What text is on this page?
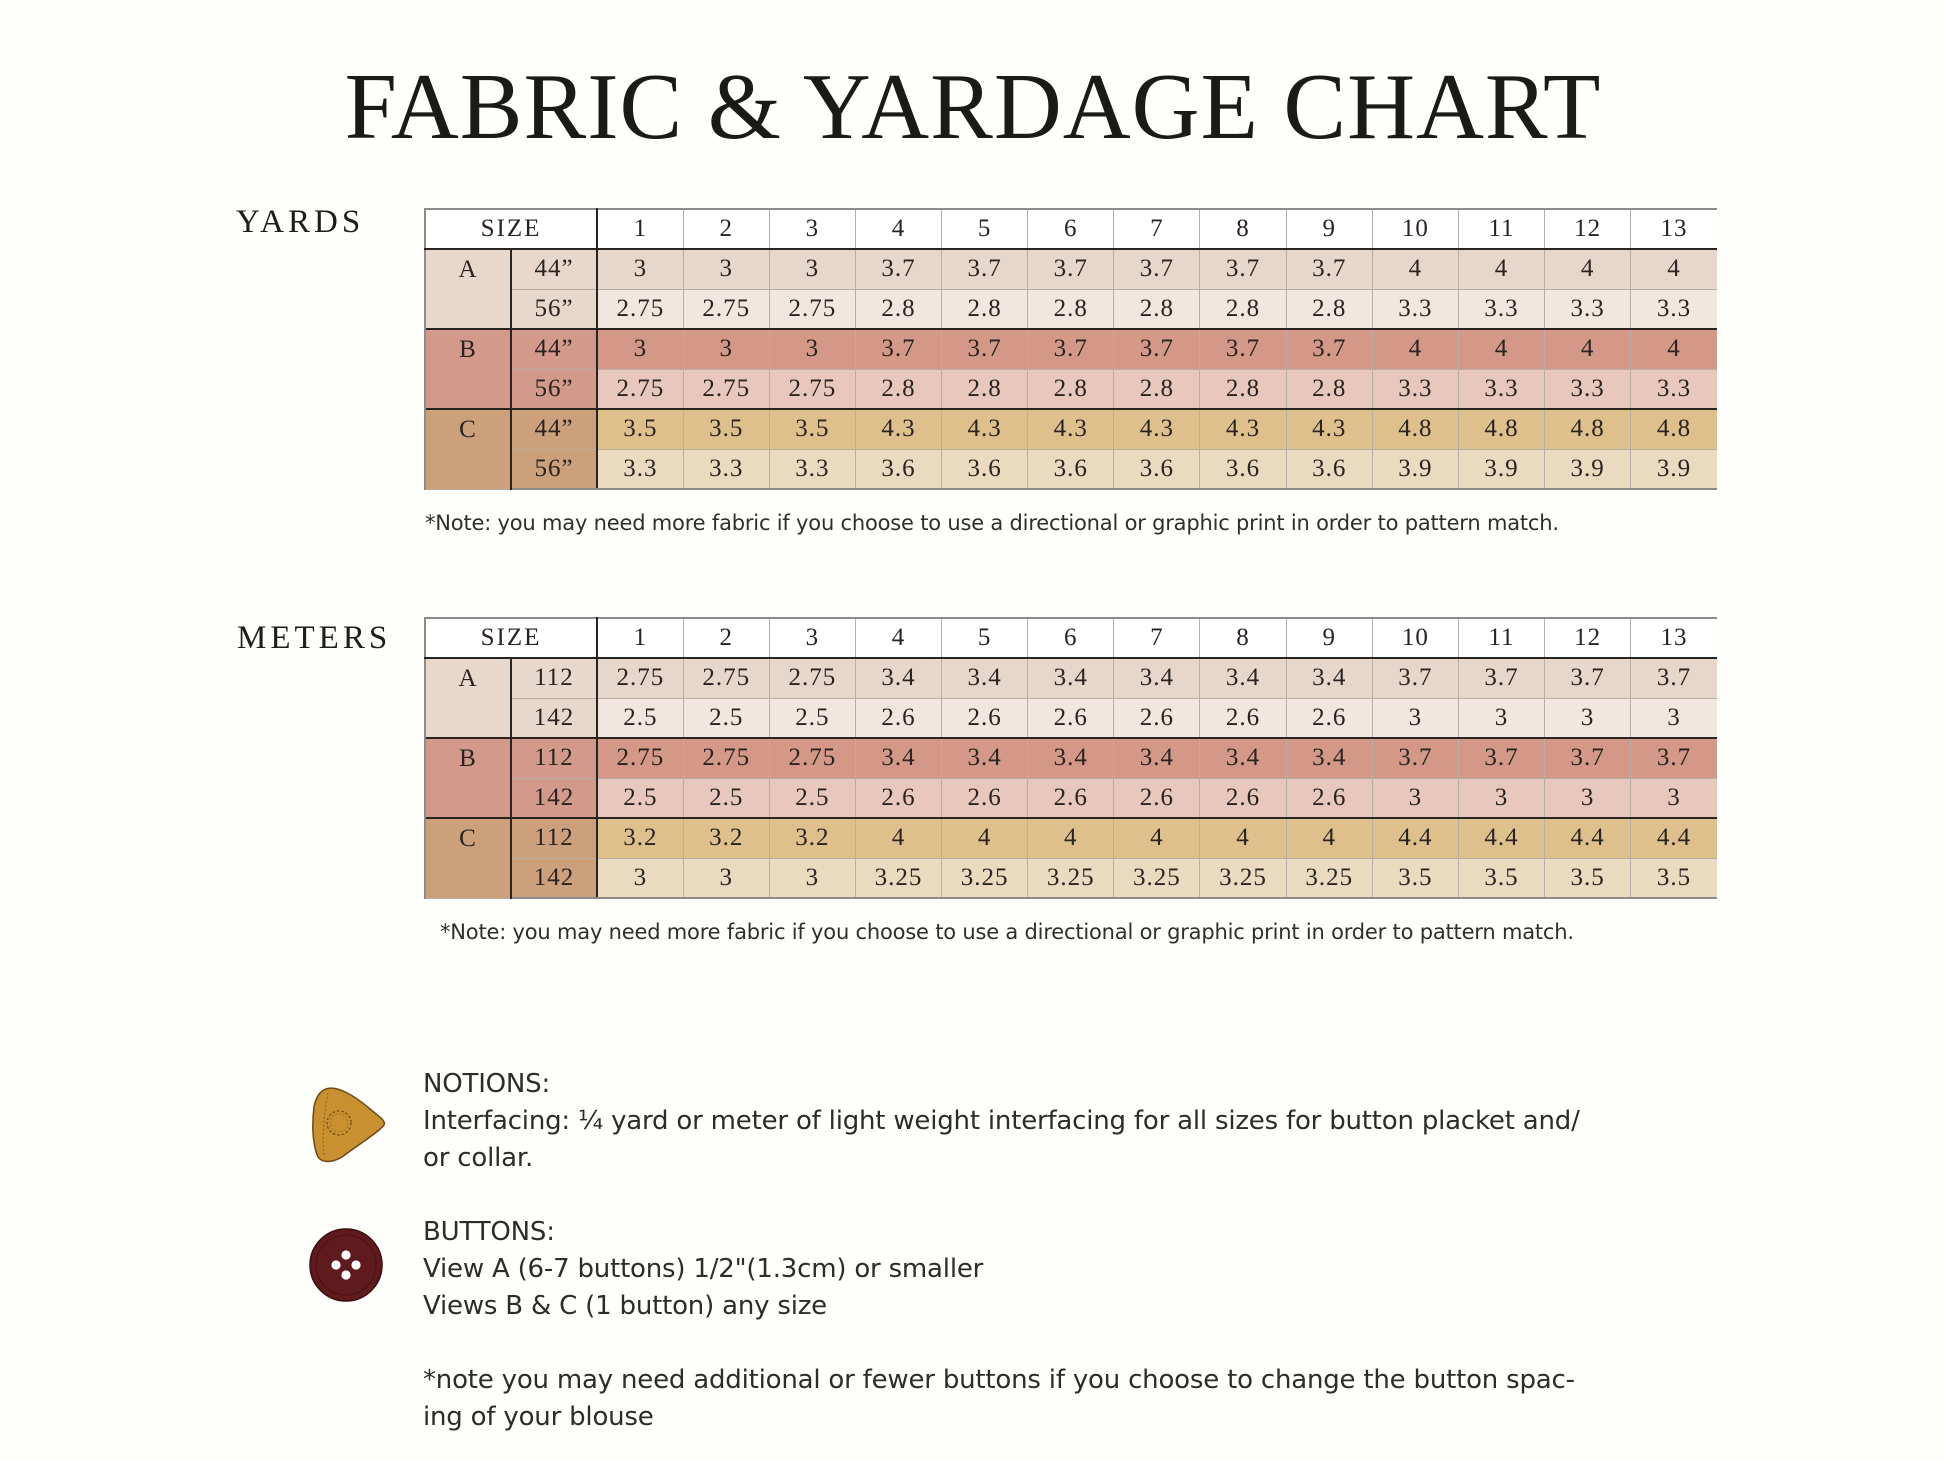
FABRIC & YARDAGE CHART
YARDS	SIZE		1	2	3	4	5	6	7	8	9	10	11	12	13
A	44”	3	3	3	3.7	3.7	3.7	3.7	3.7	3.7	4	4	4	4
	56”	2.75	2.75	2.75	2.8	2.8	2.8	2.8	2.8	2.8	3.3	3.3	3.3	3.3
B	44”	3	3	3	3.7	3.7	3.7	3.7	3.7	3.7	4	4	4	4
	56”	2.75	2.75	2.75	2.8	2.8	2.8	2.8	2.8	2.8	3.3	3.3	3.3	3.3
C	44”	3.5	3.5	3.5	4.3	4.3	4.3	4.3	4.3	4.3	4.8	4.8	4.8	4.8
	56”	3.3	3.3	3.3	3.6	3.6	3.6	3.6	3.6	3.6	3.9	3.9	3.9	3.9
*Note: you may need more fabric if you choose to use a directional or graphic print in order to pattern match.
METERS	SIZE		1	2	3	4	5	6	7	8	9	10	11	12	13
A	112	2.75	2.75	2.75	3.4	3.4	3.4	3.4	3.4	3.4	3.7	3.7	3.7	3.7
	142	2.5	2.5	2.5	2.6	2.6	2.6	2.6	2.6	2.6	3	3	3	3
B	112	2.75	2.75	2.75	3.4	3.4	3.4	3.4	3.4	3.4	3.7	3.7	3.7	3.7
	142	2.5	2.5	2.5	2.6	2.6	2.6	2.6	2.6	2.6	3	3	3	3
C	112	3.2	3.2	3.2	4	4	4	4	4	4	4.4	4.4	4.4	4.4
	142	3	3	3	3.25	3.25	3.25	3.25	3.25	3.25	3.5	3.5	3.5	3.5
*Note: you may need more fabric if you choose to use a directional or graphic print in order to pattern match.
NOTIONS:
Interfacing: ¼ yard or meter of light weight interfacing for all sizes for button placket and/
or collar.
BUTTONS:
View A (6-7 buttons) 1/2"(1.3cm) or smaller
Views B & C (1 button) any size
*note you may need additional or fewer buttons if you choose to change the button spac-
ing of your blouse
